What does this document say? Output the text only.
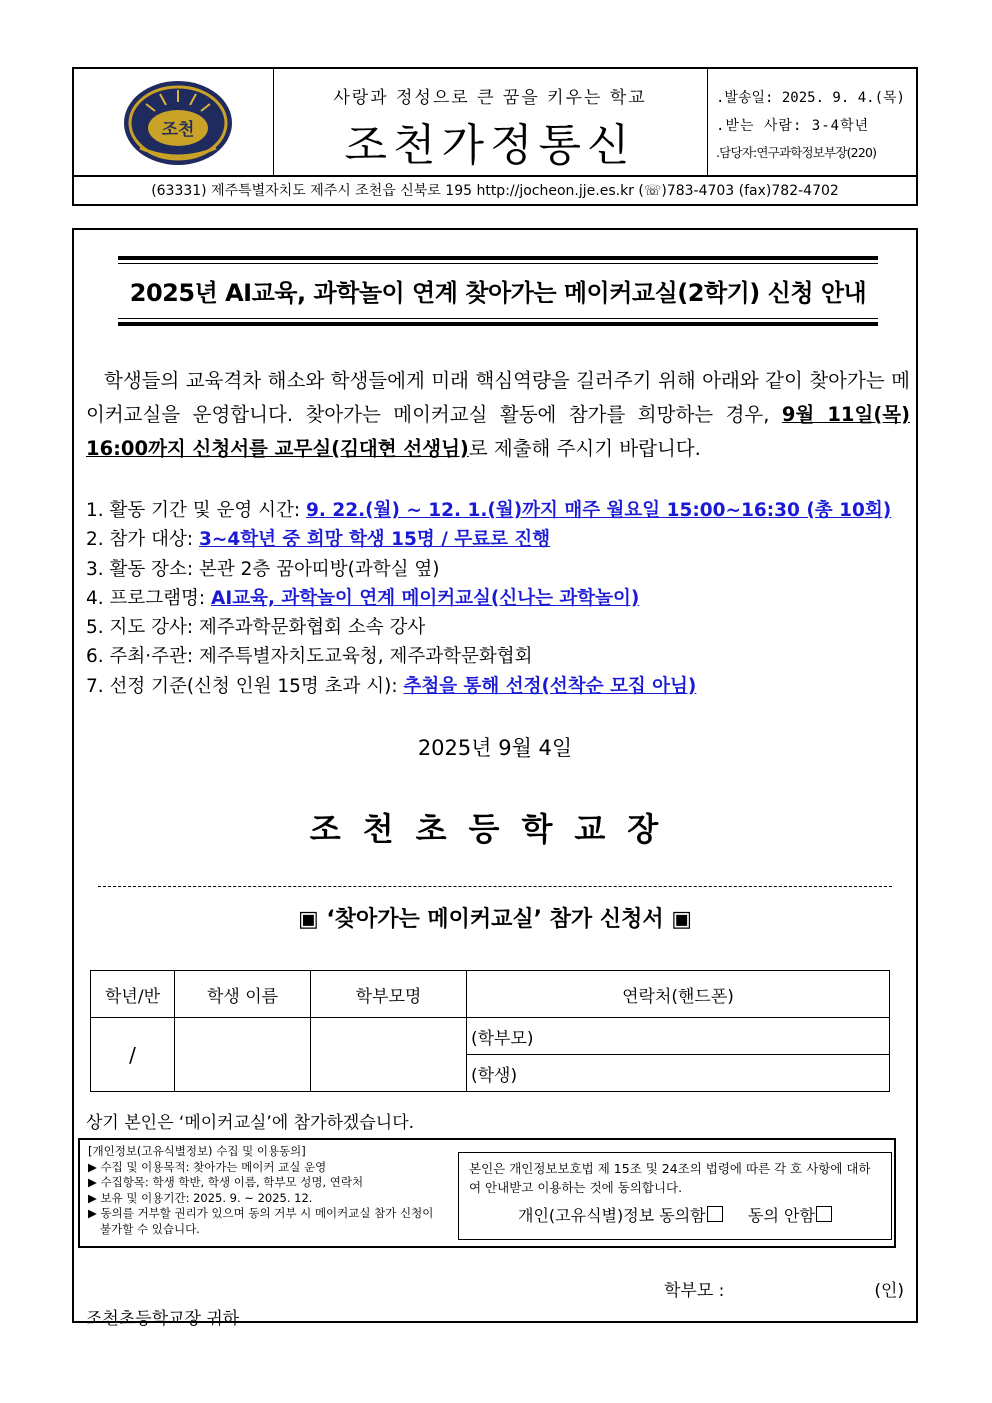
조천
사랑과 정성으로 큰 꿈을 키우는 학교
조천가정통신
.발송일: 2025. 9. 4.(목)
.받는 사람: 3-4학년
.담당자:연구과학정보부장(220)
(63331) 제주특별자치도 제주시 조천읍 신북로 195 http://jocheon.jje.es.kr (☏)783-4703 (fax)782-4702
2025년 AI교육, 과학놀이 연계 찾아가는 메이커교실(2학기) 신청 안내
학생들의 교육격차 해소와 학생들에게 미래 핵심역량을 길러주기 위해 아래와 같이 찾아가는 메이커교실을 운영합니다. 찾아가는 메이커교실 활동에 참가를 희망하는 경우, 9월 11일(목) 16:00까지 신청서를 교무실(김대현 선생님)로 제출해 주시기 바랍니다.
1. 활동 기간 및 운영 시간: 9. 22.(월) ~ 12. 1.(월)까지 매주 월요일 15:00~16:30 (총 10회)
2. 참가 대상: 3~4학년 중 희망 학생 15명 / 무료로 진행
3. 활동 장소: 본관 2층 꿈아띠방(과학실 옆)
4. 프로그램명: AI교육, 과학놀이 연계 메이커교실(신나는 과학놀이)
5. 지도 강사: 제주과학문화협회 소속 강사
6. 주최·주관: 제주특별자치도교육청, 제주과학문화협회
7. 선정 기준(신청 인원 15명 초과 시): 추첨을 통해 선정(선착순 모집 아님)
2025년 9월 4일
조천초등학교장
▣ ‘찾아가는 메이커교실’ 참가 신청서 ▣
학년/반	학생 이름	학부모명	연락처(핸드폰)
/			(학부모)
			(학생)
상기 본인은 ‘메이커교실’에 참가하겠습니다.
[개인정보(고유식별정보) 수집 및 이용동의]
▶ 수집 및 이용목적: 찾아가는 메이커 교실 운영
▶ 수집항목: 학생 학반, 학생 이름, 학부모 성명, 연락처
▶ 보유 및 이용기간: 2025. 9. ~ 2025. 12.
▶ 동의를 거부할 권리가 있으며 동의 거부 시 메이커교실 참가 신청이 불가할 수 있습니다.
본인은 개인정보보호법 제 15조 및 24조의 법령에 따른 각 호 사항에 대하여 안내받고 이용하는 것에 동의합니다.
개인(고유식별)정보 동의함	동의 안함
학부모 :	(인)
조천초등학교장 귀하
